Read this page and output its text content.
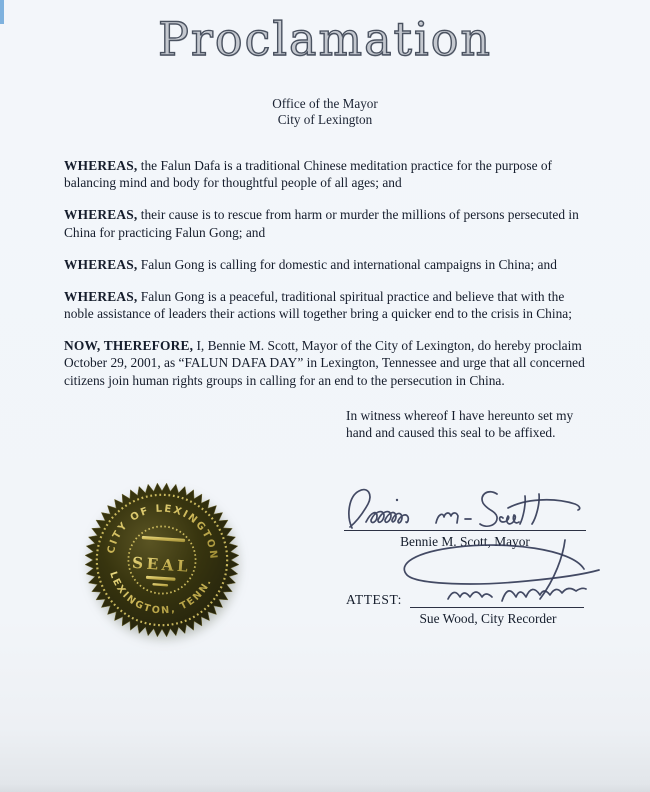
Proclamation
Office of the Mayor
City of Lexington

WHEREAS, the Falun Dafa is a traditional Chinese meditation practice for the purpose of
balancing mind and body for thoughtful people of all ages; and

WHEREAS, their cause is to rescue from harm or murder the millions of persons persecuted in
China for practicing Falun Gong; and

WHEREAS, Falun Gong is calling for domestic and international campaigns in China; and

WHEREAS, Falun Gong is a peaceful, traditional spiritual practice and believe that with the
noble assistance of leaders their actions will together bring a quicker end to the crisis in China;

NOW, THEREFORE, I, Bennie M. Scott, Mayor of the City of Lexington, do hereby proclaim
October 29, 2001, as “FALUN DAFA DAY” in Lexington, Tennessee and urge that all concerned
citizens join human rights groups in calling for an end to the persecution in China.

In witness whereof I have hereunto set my
hand and caused this seal to be affixed.
CITY OF LEXINGTON
LEXINGTON, TENN.
SEAL
Bennie M. Scott, Mayor
ATTEST:
Sue Wood, City Recorder
